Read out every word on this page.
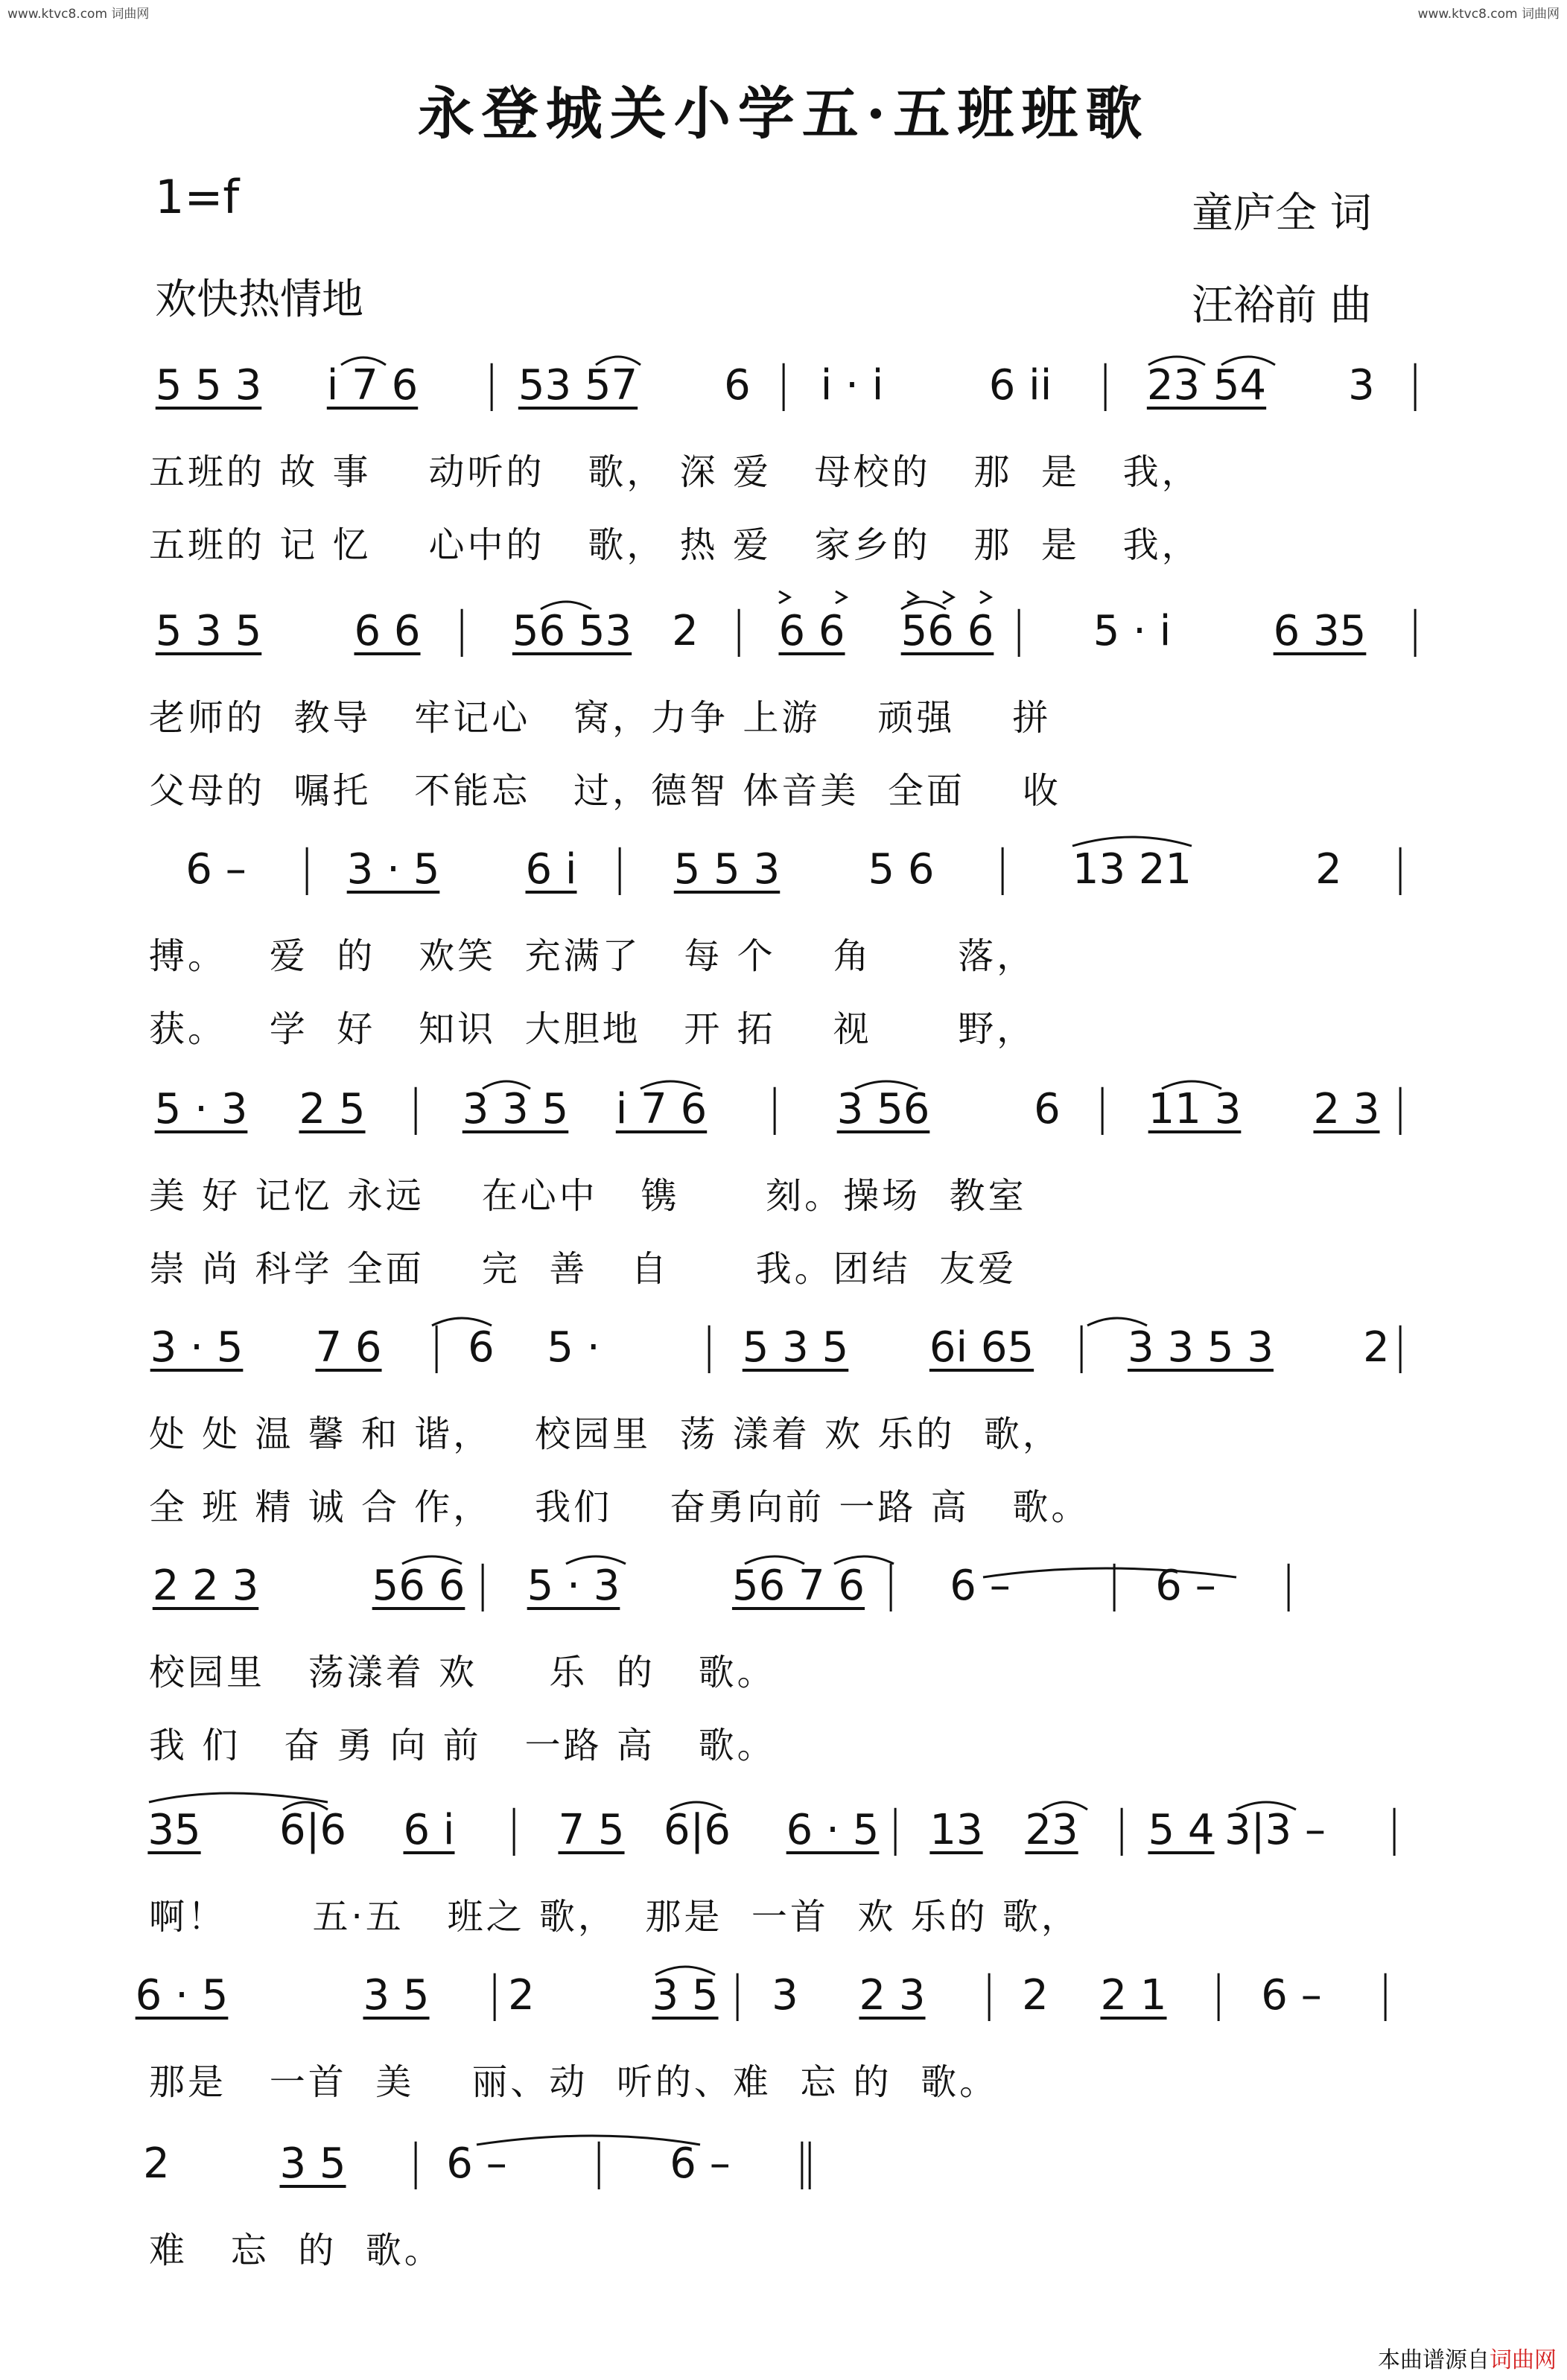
www.ktvc8.com 词曲网	www.ktvc8.com 词曲网
永登城关小学五·五班班歌
1=f
欢快热情地
童庐全 词
汪裕前 曲
5 5 3 i 7 6 | 53 57 6 | i · i	6 ii | 23 54 3 |
五班的 故 事    动听的   歌， 深 爱   母校的   那  是   我，
五班的 记 忆    心中的   歌， 热 爱   家乡的   那  是   我，
5 3 5 6 6 | 56 53 2 | 6 6 56 6 | 5 · i 6 35 |
老师的  教导   牢记心   窝，力争 上游    顽强    拼
父母的  嘱托   不能忘   过，德智 体音美  全面    收
6 – | 3 · 5 6 i | 5 5 3 5 6 | 13 21	2 |
搏。   爱  的   欢笑  充满了   每 个    角      落，
获。   学  好   知识  大胆地   开 拓    视      野，
5 · 3 2 5 | 3 3 5 i 7 6 | 3 56 6 | 11 3 2 3 |
美 好 记忆 永远    在心中   镌      刻。操场  教室
崇 尚 科学 全面    完  善   自      我。团结  友爱
3 · 5 7 6 | 6 5 · | 5 3 5 6i 65 | 3 3 5 3 2 |
处 处 温 馨 和 谐，   校园里  荡 漾着 欢 乐的  歌，
全 班 精 诚 合 作，   我们    奋勇向前 一路 高   歌。
2 2 3	56 6 | 5 · 3	56 7 6 | 6 – | 6 – |
校园里   荡漾着 欢     乐  的   歌。
我 们   奋 勇 向 前   一路 高   歌。
35 6|6 6 i | 7 5 6|6 6 · 5 | 13 23 | 5 4 3|3 – |
啊！      五·五   班之 歌，  那是  一首  欢 乐的 歌，
6 · 5	3 5 | 2	3 5 | 3 2 3 | 2 2 1 | 6 – |
那是   一首  美    丽、动  听的、难  忘 的  歌。
2	3 5 | 6 – | 6 – ‖
难   忘  的  歌。
本曲谱源自词曲网
